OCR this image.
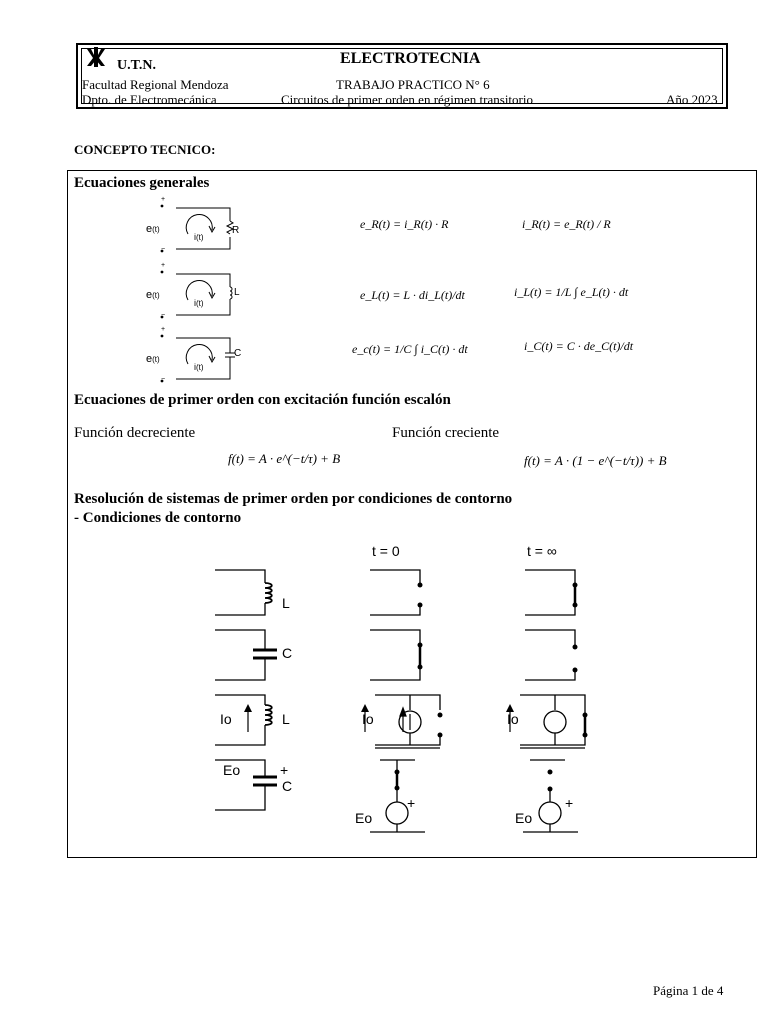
U.T.N.	ELECTROTECNIA
Facultad Regional Mendoza	TRABAJO PRACTICO N° 6
Dpto. de Electromecánica	Circuitos de primer orden en régimen transitorio	Año 2023
CONCEPTO TECNICO:
Ecuaciones generales
+
−
e(t)
i(t)
R
+
−
e(t)
i(t)
L
+
−
e(t)
i(t)
C
e_R(t) = i_R(t) · R	i_R(t) = e_R(t) / R
e_L(t) = L · di_L(t)/dt	i_L(t) = 1/L ∫ e_L(t) · dt
e_c(t) = 1/C ∫ i_C(t) · dt	i_C(t) = C · de_C(t)/dt
Ecuaciones de primer orden con excitación función escalón
Función decreciente	Función creciente
f(t) = A · e^(−t/τ) + B	f(t) = A · (1 − e^(−t/τ)) + B
Resolución de sistemas de primer orden por condiciones de contorno
- Condiciones de contorno
t = 0	t = ∞
L
C
Io	L	Io	Io
Eo	+
C
+
Eo
+
Eo
Página 1 de 4
